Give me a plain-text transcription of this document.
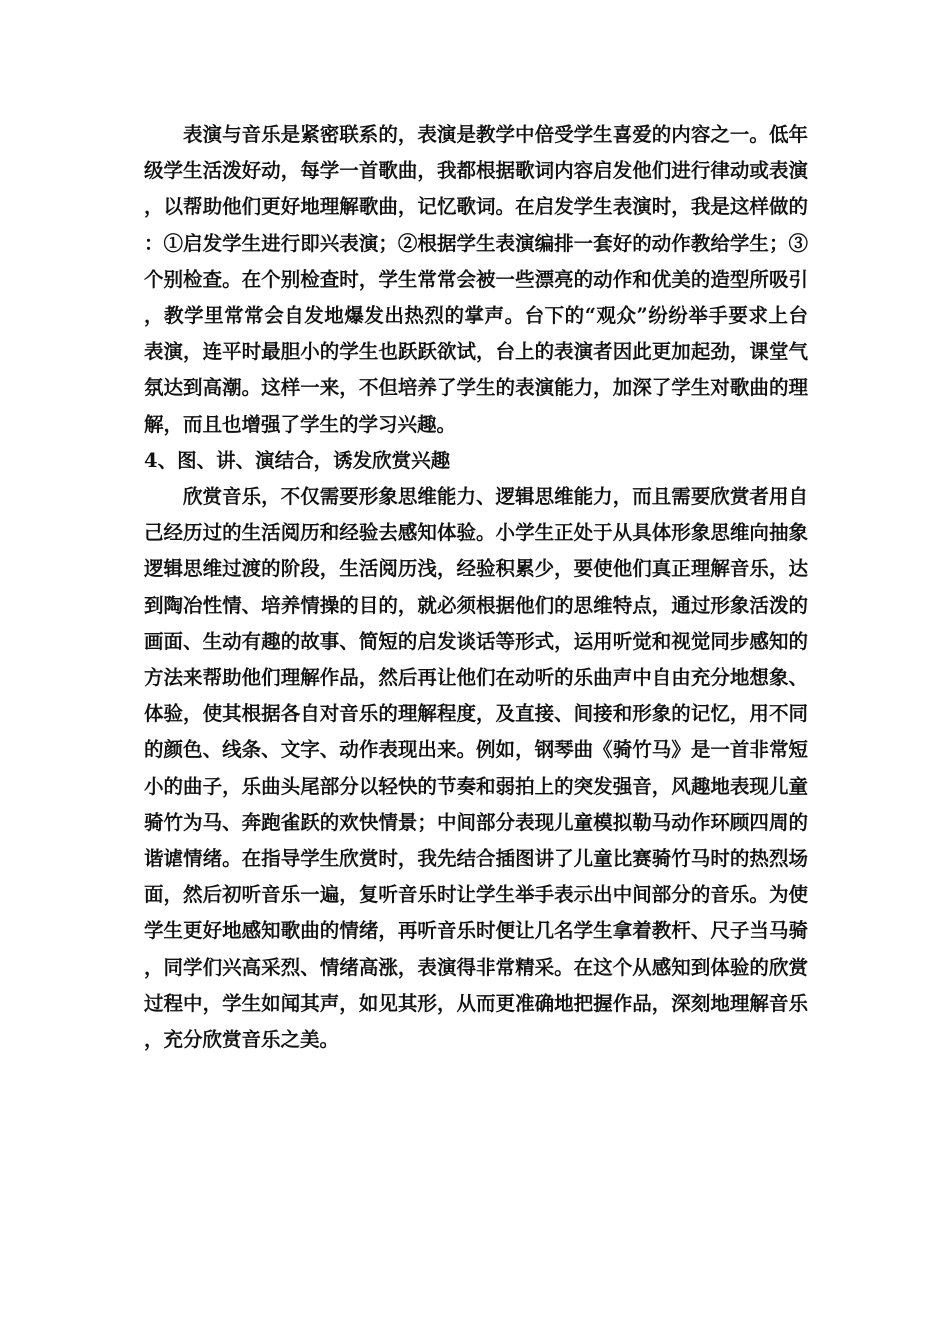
表演与音乐是紧密联系的，表演是教学中倍受学生喜爱的内容之一。低年级学生活泼好动，每学一首歌曲，我都根据歌词内容启发他们进行律动或表演，以帮助他们更好地理解歌曲，记忆歌词。在启发学生表演时，我是这样做的：①启发学生进行即兴表演；②根据学生表演编排一套好的动作教给学生；③个别检查。在个别检查时，学生常常会被一些漂亮的动作和优美的造型所吸引，教学里常常会自发地爆发出热烈的掌声。台下的“观众”纷纷举手要求上台表演，连平时最胆小的学生也跃跃欲试，台上的表演者因此更加起劲，课堂气氛达到高潮。这样一来，不但培养了学生的表演能力，加深了学生对歌曲的理解，而且也增强了学生的学习兴趣。

4、图、讲、演结合，诱发欣赏兴趣

欣赏音乐，不仅需要形象思维能力、逻辑思维能力，而且需要欣赏者用自己经历过的生活阅历和经验去感知体验。小学生正处于从具体形象思维向抽象逻辑思维过渡的阶段，生活阅历浅，经验积累少，要使他们真正理解音乐，达到陶冶性情、培养情操的目的，就必须根据他们的思维特点，通过形象活泼的画面、生动有趣的故事、简短的启发谈话等形式，运用听觉和视觉同步感知的方法来帮助他们理解作品，然后再让他们在动听的乐曲声中自由充分地想象、体验，使其根据各自对音乐的理解程度，及直接、间接和形象的记忆，用不同的颜色、线条、文字、动作表现出来。例如，钢琴曲《骑竹马》是一首非常短小的曲子，乐曲头尾部分以轻快的节奏和弱拍上的突发强音，风趣地表现儿童骑竹为马、奔跑雀跃的欢快情景；中间部分表现儿童模拟勒马动作环顾四周的谐谑情绪。在指导学生欣赏时，我先结合插图讲了儿童比赛骑竹马时的热烈场面，然后初听音乐一遍，复听音乐时让学生举手表示出中间部分的音乐。为使学生更好地感知歌曲的情绪，再听音乐时便让几名学生拿着教杆、尺子当马骑，同学们兴高采烈、情绪高涨，表演得非常精采。在这个从感知到体验的欣赏过程中，学生如闻其声，如见其形，从而更准确地把握作品，深刻地理解音乐，充分欣赏音乐之美。
